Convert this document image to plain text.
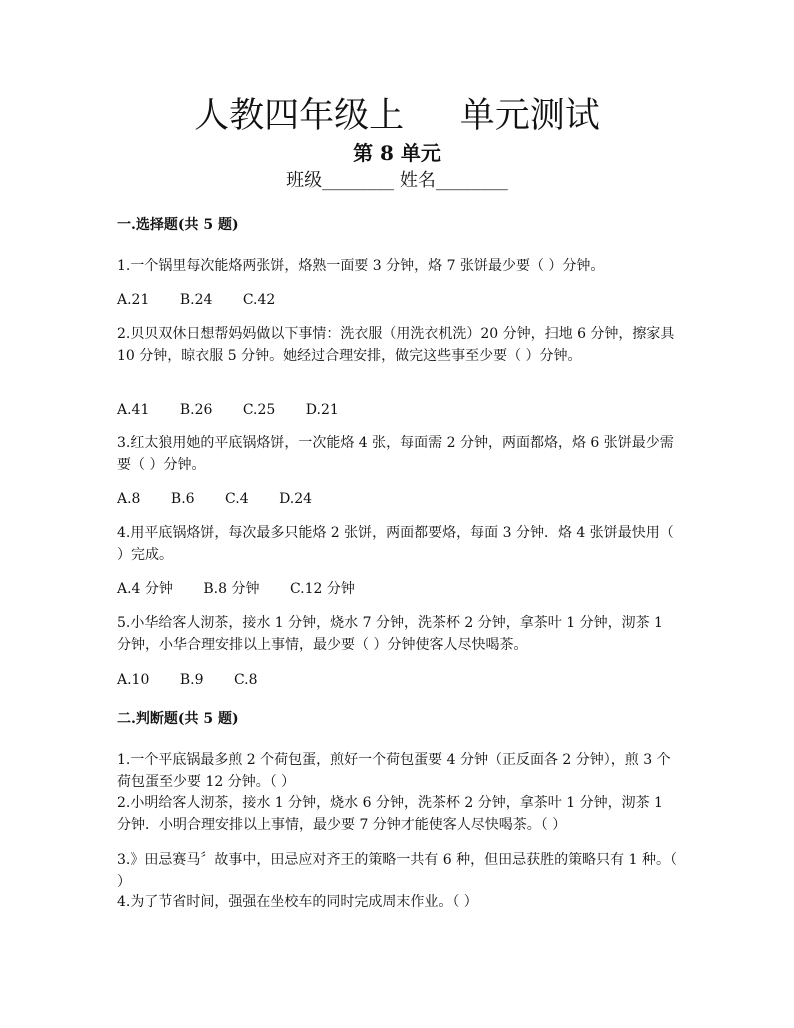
人教四年级上     单元测试
第 8 单元
班级________ 姓名________
一.选择题(共 5 题)
1.一个锅里每次能烙两张饼，烙熟一面要 3 分钟，烙 7 张饼最少要（ ）分钟。
A.21 B.24 C.42
2.贝贝双休日想帮妈妈做以下事情：洗衣服（用洗衣机洗）20 分钟，扫地 6 分钟，擦家具 10 分钟，晾衣服 5 分钟。她经过合理安排，做完这些事至少要（ ）分钟。
A.41 B.26 C.25 D.21
3.红太狼用她的平底锅烙饼，一次能烙 4 张，每面需 2 分钟，两面都烙，烙 6 张饼最少需要（ ）分钟。
A.8 B.6 C.4 D.24
4.用平底锅烙饼，每次最多只能烙 2 张饼，两面都要烙，每面 3 分钟．烙 4 张饼最快用（ ）完成。
A.4 分钟 B.8 分钟 C.12 分钟
5.小华给客人沏茶，接水 1 分钟，烧水 7 分钟，洗茶杯 2 分钟，拿茶叶 1 分钟，沏茶 1 分钟，小华合理安排以上事情，最少要（ ）分钟使客人尽快喝茶。
A.10 B.9 C.8
二.判断题(共 5 题)
1.一个平底锅最多煎 2 个荷包蛋，煎好一个荷包蛋要 4 分钟（正反面各 2 分钟），煎 3 个荷包蛋至少要 12 分钟。（ ）
2.小明给客人沏茶，接水 1 分钟，烧水 6 分钟，洗茶杯 2 分钟，拿茶叶 1 分钟，沏茶 1 分钟．小明合理安排以上事情，最少要 7 分钟才能使客人尽快喝茶。（ ）
3.》田忌赛马〞故事中，田忌应对齐王的策略一共有 6 种，但田忌获胜的策略只有 1 种。（ ）
4.为了节省时间，强强在坐校车的同时完成周末作业。（ ）
